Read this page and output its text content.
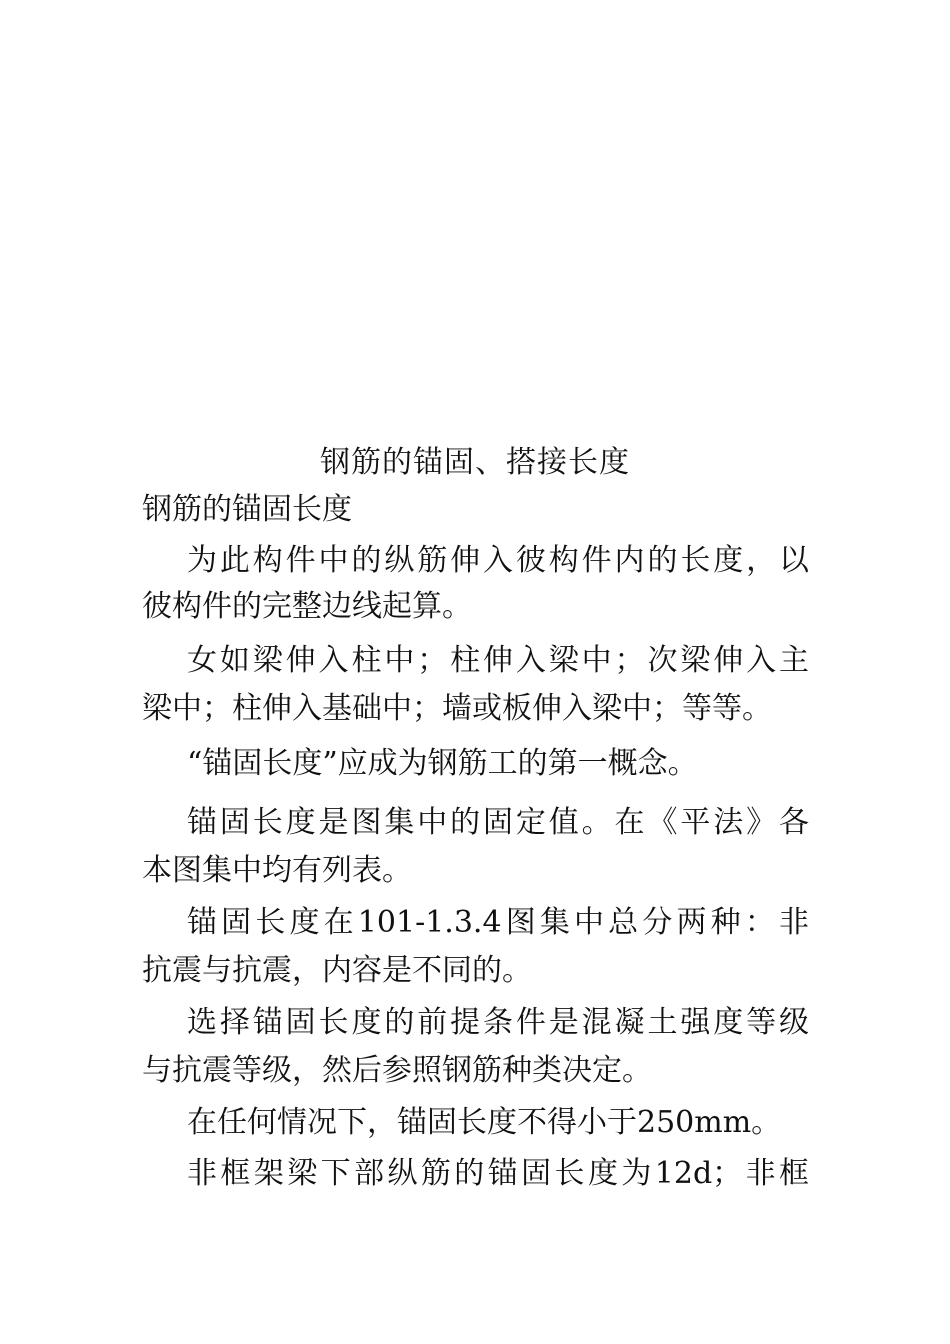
钢筋的锚固、搭接长度
钢筋的锚固长度
为此构件中的纵筋伸入彼构件内的长度，以
彼构件的完整边线起算。
女如梁伸入柱中；柱伸入梁中；次梁伸入主
梁中；柱伸入基础中；墙或板伸入梁中；等等。
“锚固长度”应成为钢筋工的第一概念。
锚固长度是图集中的固定值。在《平法》各
本图集中均有列表。
锚固长度在101-1.3.4图集中总分两种：非
抗震与抗震，内容是不同的。
选择锚固长度的前提条件是混凝土强度等级
与抗震等级，然后参照钢筋种类决定。
在任何情况下，锚固长度不得小于250mm。
非框架梁下部纵筋的锚固长度为12d；非框
